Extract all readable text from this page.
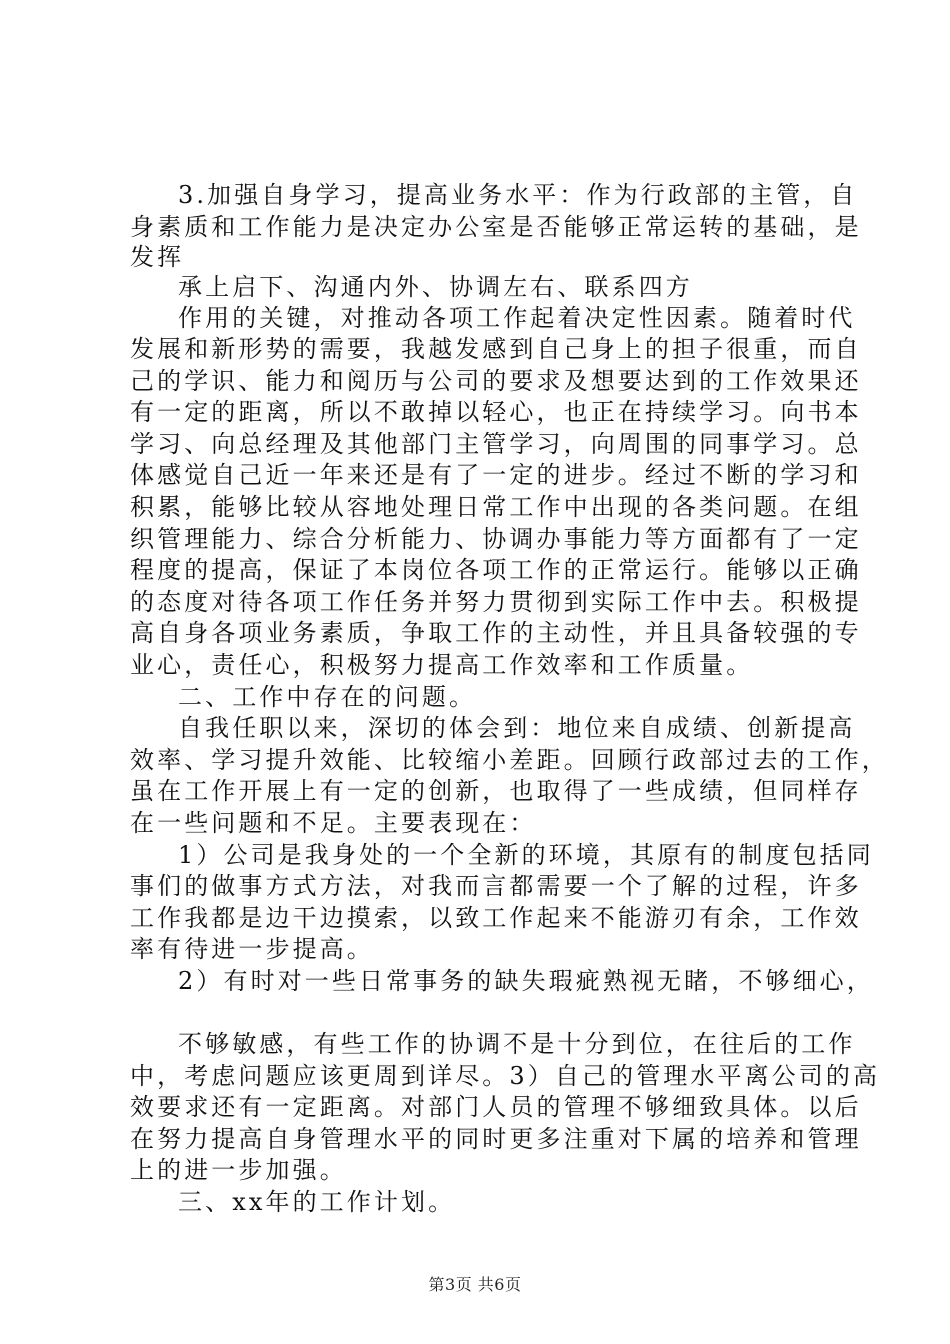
3.加强自身学习，提高业务水平：作为行政部的主管，自
身素质和工作能力是决定办公室是否能够正常运转的基础，是
发挥
承上启下、沟通内外、协调左右、联系四方
作用的关键，对推动各项工作起着决定性因素。随着时代
发展和新形势的需要，我越发感到自己身上的担子很重，而自
己的学识、能力和阅历与公司的要求及想要达到的工作效果还
有一定的距离，所以不敢掉以轻心，也正在持续学习。向书本
学习、向总经理及其他部门主管学习，向周围的同事学习。总
体感觉自己近一年来还是有了一定的进步。经过不断的学习和
积累，能够比较从容地处理日常工作中出现的各类问题。在组
织管理能力、综合分析能力、协调办事能力等方面都有了一定
程度的提高，保证了本岗位各项工作的正常运行。能够以正确
的态度对待各项工作任务并努力贯彻到实际工作中去。积极提
高自身各项业务素质，争取工作的主动性，并且具备较强的专
业心，责任心，积极努力提高工作效率和工作质量。
二、工作中存在的问题。
自我任职以来，深切的体会到：地位来自成绩、创新提高
效率、学习提升效能、比较缩小差距。回顾行政部过去的工作，
虽在工作开展上有一定的创新，也取得了一些成绩，但同样存
在一些问题和不足。主要表现在：
1）公司是我身处的一个全新的环境，其原有的制度包括同
事们的做事方式方法，对我而言都需要一个了解的过程，许多
工作我都是边干边摸索，以致工作起来不能游刃有余，工作效
率有待进一步提高。
2）有时对一些日常事务的缺失瑕疵熟视无睹，不够细心，
不够敏感，有些工作的协调不是十分到位，在往后的工作
中，考虑问题应该更周到详尽。3）自己的管理水平离公司的高
效要求还有一定距离。对部门人员的管理不够细致具体。以后
在努力提高自身管理水平的同时更多注重对下属的培养和管理
上的进一步加强。
三、xx年的工作计划。
第3页 共6页
